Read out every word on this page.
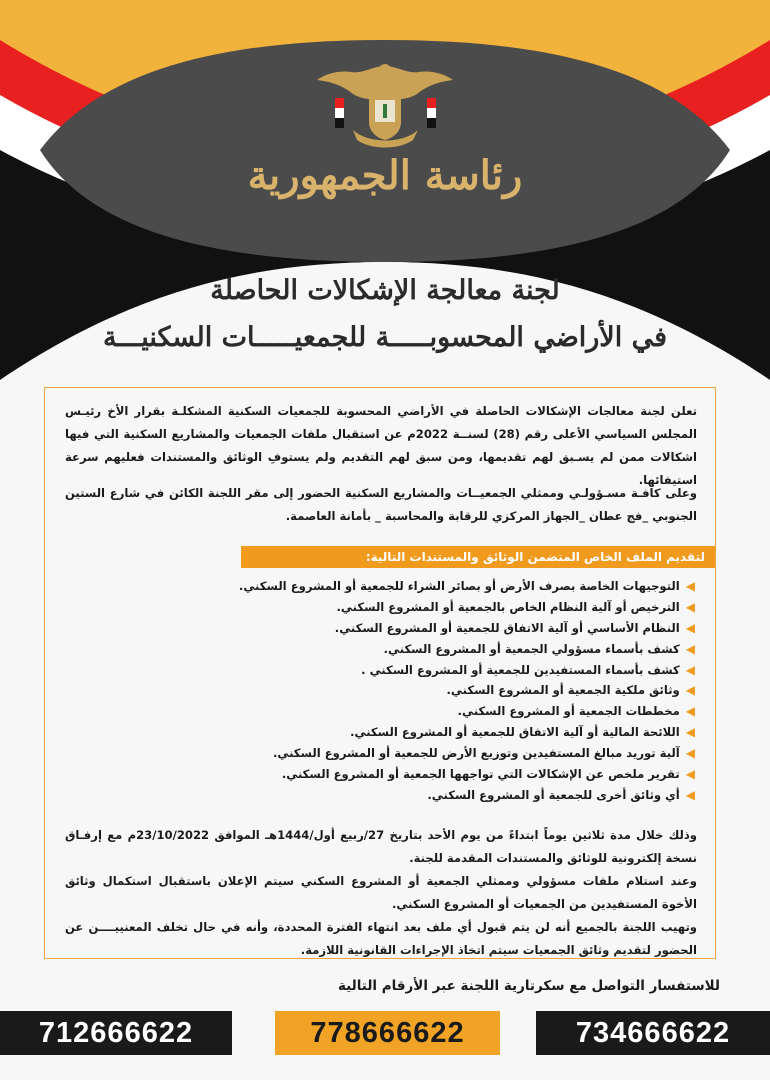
رئاسة الجمهورية
لجنة معالجة الإشكالات الحاصلة
في الأراضي المحسوبـــــة للجمعيـــــات السكنيـــة
تعلن لجنة معالجات الإشكالات الحاصلة في الأراضي المحسوبة للجمعيات السكنية المشكلـة بقرار الأخ رئيـس المجلس السياسي الأعلى رقم (28) لسنــة 2022م عن استقبال ملفات الجمعيات والمشاريع السكنية التي فيها اشكالات ممن لم يسـبق لهم تقديمها، ومن سبق لهم التقديم ولم يستوفِ الوثائق والمستندات فعليهم سرعة استيفائها.
وعلى كافـة مسـؤولـي وممثلي الجمعيــات والمشاريع السكنية الحضور إلى مقر اللجنة الكائن في شارع الستين الجنوبي _فج عطان _الجهاز المركزي للرقابة والمحاسبة _ بأمانة العاصمة.
لتقديم الملف الخاص المتضمن الوثائق والمستندات التالية:
◀التوجيهات الخاصة بصرف الأرض أو بصائر الشراء للجمعية أو المشروع السكني.
◀الترخيص أو آلية النظام الخاص بالجمعية أو المشروع السكني.
◀النظام الأساسي أو آلية الاتفاق للجمعية أو المشروع السكني.
◀كشف بأسماء مسؤولي الجمعية أو المشروع السكني.
◀كشف بأسماء المستفيدين للجمعية أو المشروع السكني .
◀وثائق ملكية الجمعية أو المشروع السكني.
◀مخططات الجمعية أو المشروع السكني.
◀اللائحة المالية أو آلية الاتفاق للجمعية أو المشروع السكني.
◀آلية توريد مبالغ المستفيدين وتوزيع الأرض للجمعية أو المشروع السكني.
◀تقرير ملخص عن الإشكالات التي تواجهها الجمعية أو المشروع السكني.
◀أي وثائق أخرى للجمعية أو المشروع السكني.
وذلك خلال مدة ثلاثين يوماً ابتداءً من يوم الأحد بتاريخ 27/ربيع أول/1444هـ الموافق 23/10/2022م مع إرفـاق نسخة إلكترونية للوثائق والمستندات المقدمة للجنة.
وعند استلام ملفات مسؤولي وممثلي الجمعية أو المشروع السكني سيتم الإعلان باستقبال استكمال وثائق الأخوة المستفيدين من الجمعيات أو المشروع السكني.
وتهيب اللجنة بالجميع أنه لن يتم قبول أي ملف بعد انتهاء الفترة المحددة، وأنه في حال تخلف المعنييــــن عن الحضور لتقديم وثائق الجمعيات سيتم اتخاذ الإجراءات القانونية اللازمة.
للاستفسار التواصل مع سكرتارية اللجنة عبر الأرقام التالية
712666622	778666622	734666622
